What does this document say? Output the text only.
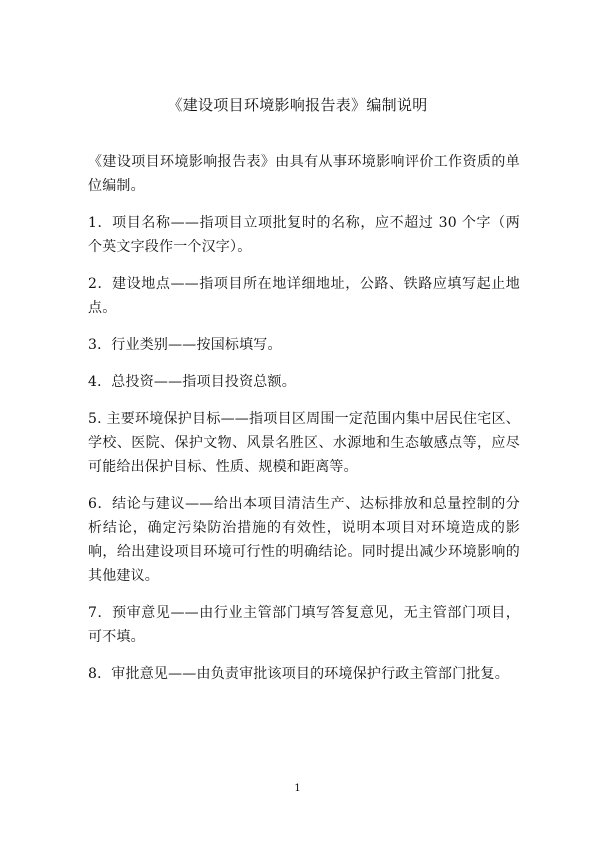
《建设项目环境影响报告表》编制说明

《建设项目环境影响报告表》由具有从事环境影响评价工作资质的单位编制。

1．项目名称——指项目立项批复时的名称，应不超过 30 个字（两个英文字段作一个汉字）。

2．建设地点——指项目所在地详细地址，公路、铁路应填写起止地点。

3．行业类别——按国标填写。

4．总投资——指项目投资总额。

5. 主要环境保护目标——指项目区周围一定范围内集中居民住宅区、学校、医院、保护文物、风景名胜区、水源地和生态敏感点等，应尽可能给出保护目标、性质、规模和距离等。

6．结论与建议——给出本项目清洁生产、达标排放和总量控制的分析结论，确定污染防治措施的有效性，说明本项目对环境造成的影响，给出建设项目环境可行性的明确结论。同时提出减少环境影响的其他建议。

7．预审意见——由行业主管部门填写答复意见，无主管部门项目，可不填。

8．审批意见——由负责审批该项目的环境保护行政主管部门批复。

1
